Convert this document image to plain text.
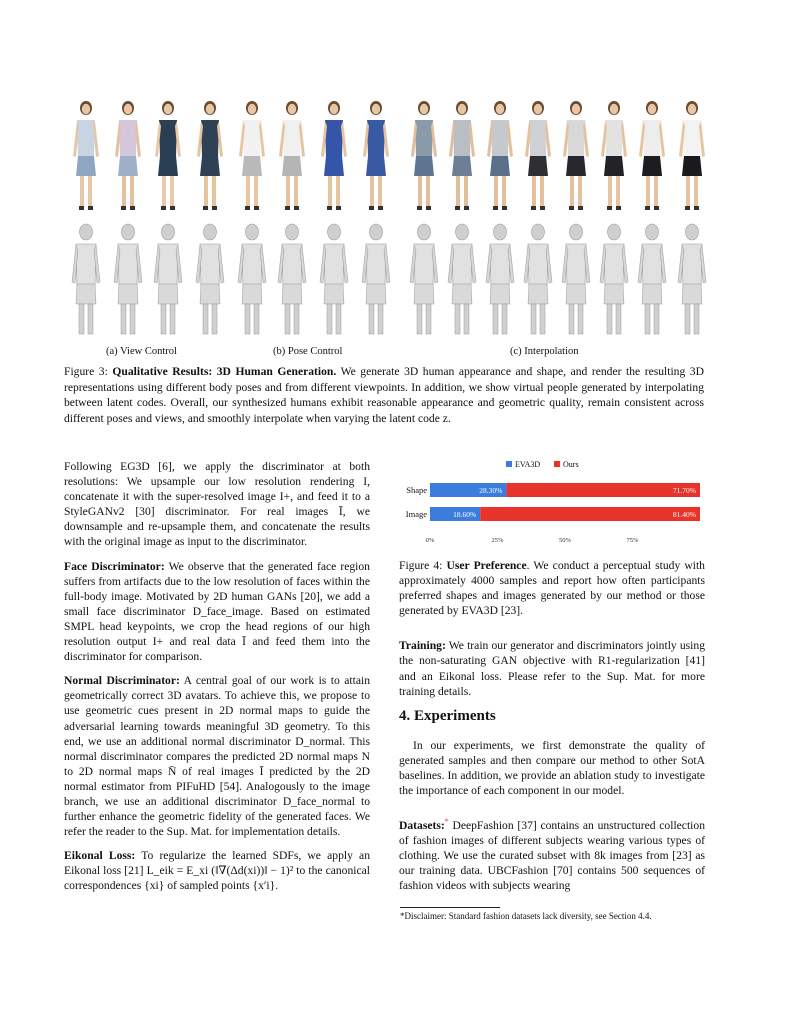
(a) View Control	(b) Pose Control	(c) Interpolation
Figure 3: Qualitative Results: 3D Human Generation. We generate 3D human appearance and shape, and render the resulting 3D representations using different body poses and from different viewpoints. In addition, we show virtual people generated by interpolating between latent codes. Overall, our synthesized humans exhibit reasonable appearance and geometric quality, remain consistent across different poses and views, and smoothly interpolate when varying the latent code z.

Following EG3D [6], we apply the discriminator at both resolutions: We upsample our low resolution rendering I, concatenate it with the super-resolved image I+, and feed it to a StyleGANv2 [30] discriminator. For real images Ī, we downsample and re-upsample them, and concatenate the results with the original image as input to the discriminator.

Face Discriminator: We observe that the generated face region suffers from artifacts due to the low resolution of faces within the full-body image. Motivated by 2D human GANs [20], we add a small face discriminator D_face_image. Based on estimated SMPL head keypoints, we crop the head regions of our high resolution output I+ and real data Ī and feed them into the discriminator for comparison.

Normal Discriminator: A central goal of our work is to attain geometrically correct 3D avatars. To achieve this, we propose to use geometric cues present in 2D normal maps to guide the adversarial learning towards meaningful 3D geometry. To this end, we use an additional normal discriminator D_normal. This normal discriminator compares the predicted 2D normal maps N to 2D normal maps N̄ of real images Ī predicted by the 2D normal estimator from PIFuHD [54]. Analogously to the image branch, we use an additional discriminator D_face_normal to further enhance the geometric fidelity of the generated faces. We refer the reader to the Sup. Mat. for implementation details.

Eikonal Loss: To regularize the learned SDFs, we apply an Eikonal loss [21] L_eik = E_xi (‖∇(Δd(xi))‖ − 1)² to the canonical correspondences {xi} of sampled points {x′i}.

EVA3D	Ours
Shape	28.30%	71.70%
Image	18.60%	81.40%
0%	25%	50%	75%

Figure 4: User Preference. We conduct a perceptual study with approximately 4000 samples and report how often participants preferred shapes and images generated by our method or those generated by EVA3D [23].

Training: We train our generator and discriminators jointly using the non-saturating GAN objective with R1-regularization [41] and an Eikonal loss. Please refer to the Sup. Mat. for more training details.

4. Experiments

In our experiments, we first demonstrate the quality of generated samples and then compare our method to other SotA baselines. In addition, we provide an ablation study to investigate the importance of each component in our model.

Datasets:* DeepFashion [37] contains an unstructured collection of fashion images of different subjects wearing various types of clothing. We use the curated subset with 8k images from [23] as our training data. UBCFashion [70] contains 500 sequences of fashion videos with subjects wearing

*Disclaimer: Standard fashion datasets lack diversity, see Section 4.4.
